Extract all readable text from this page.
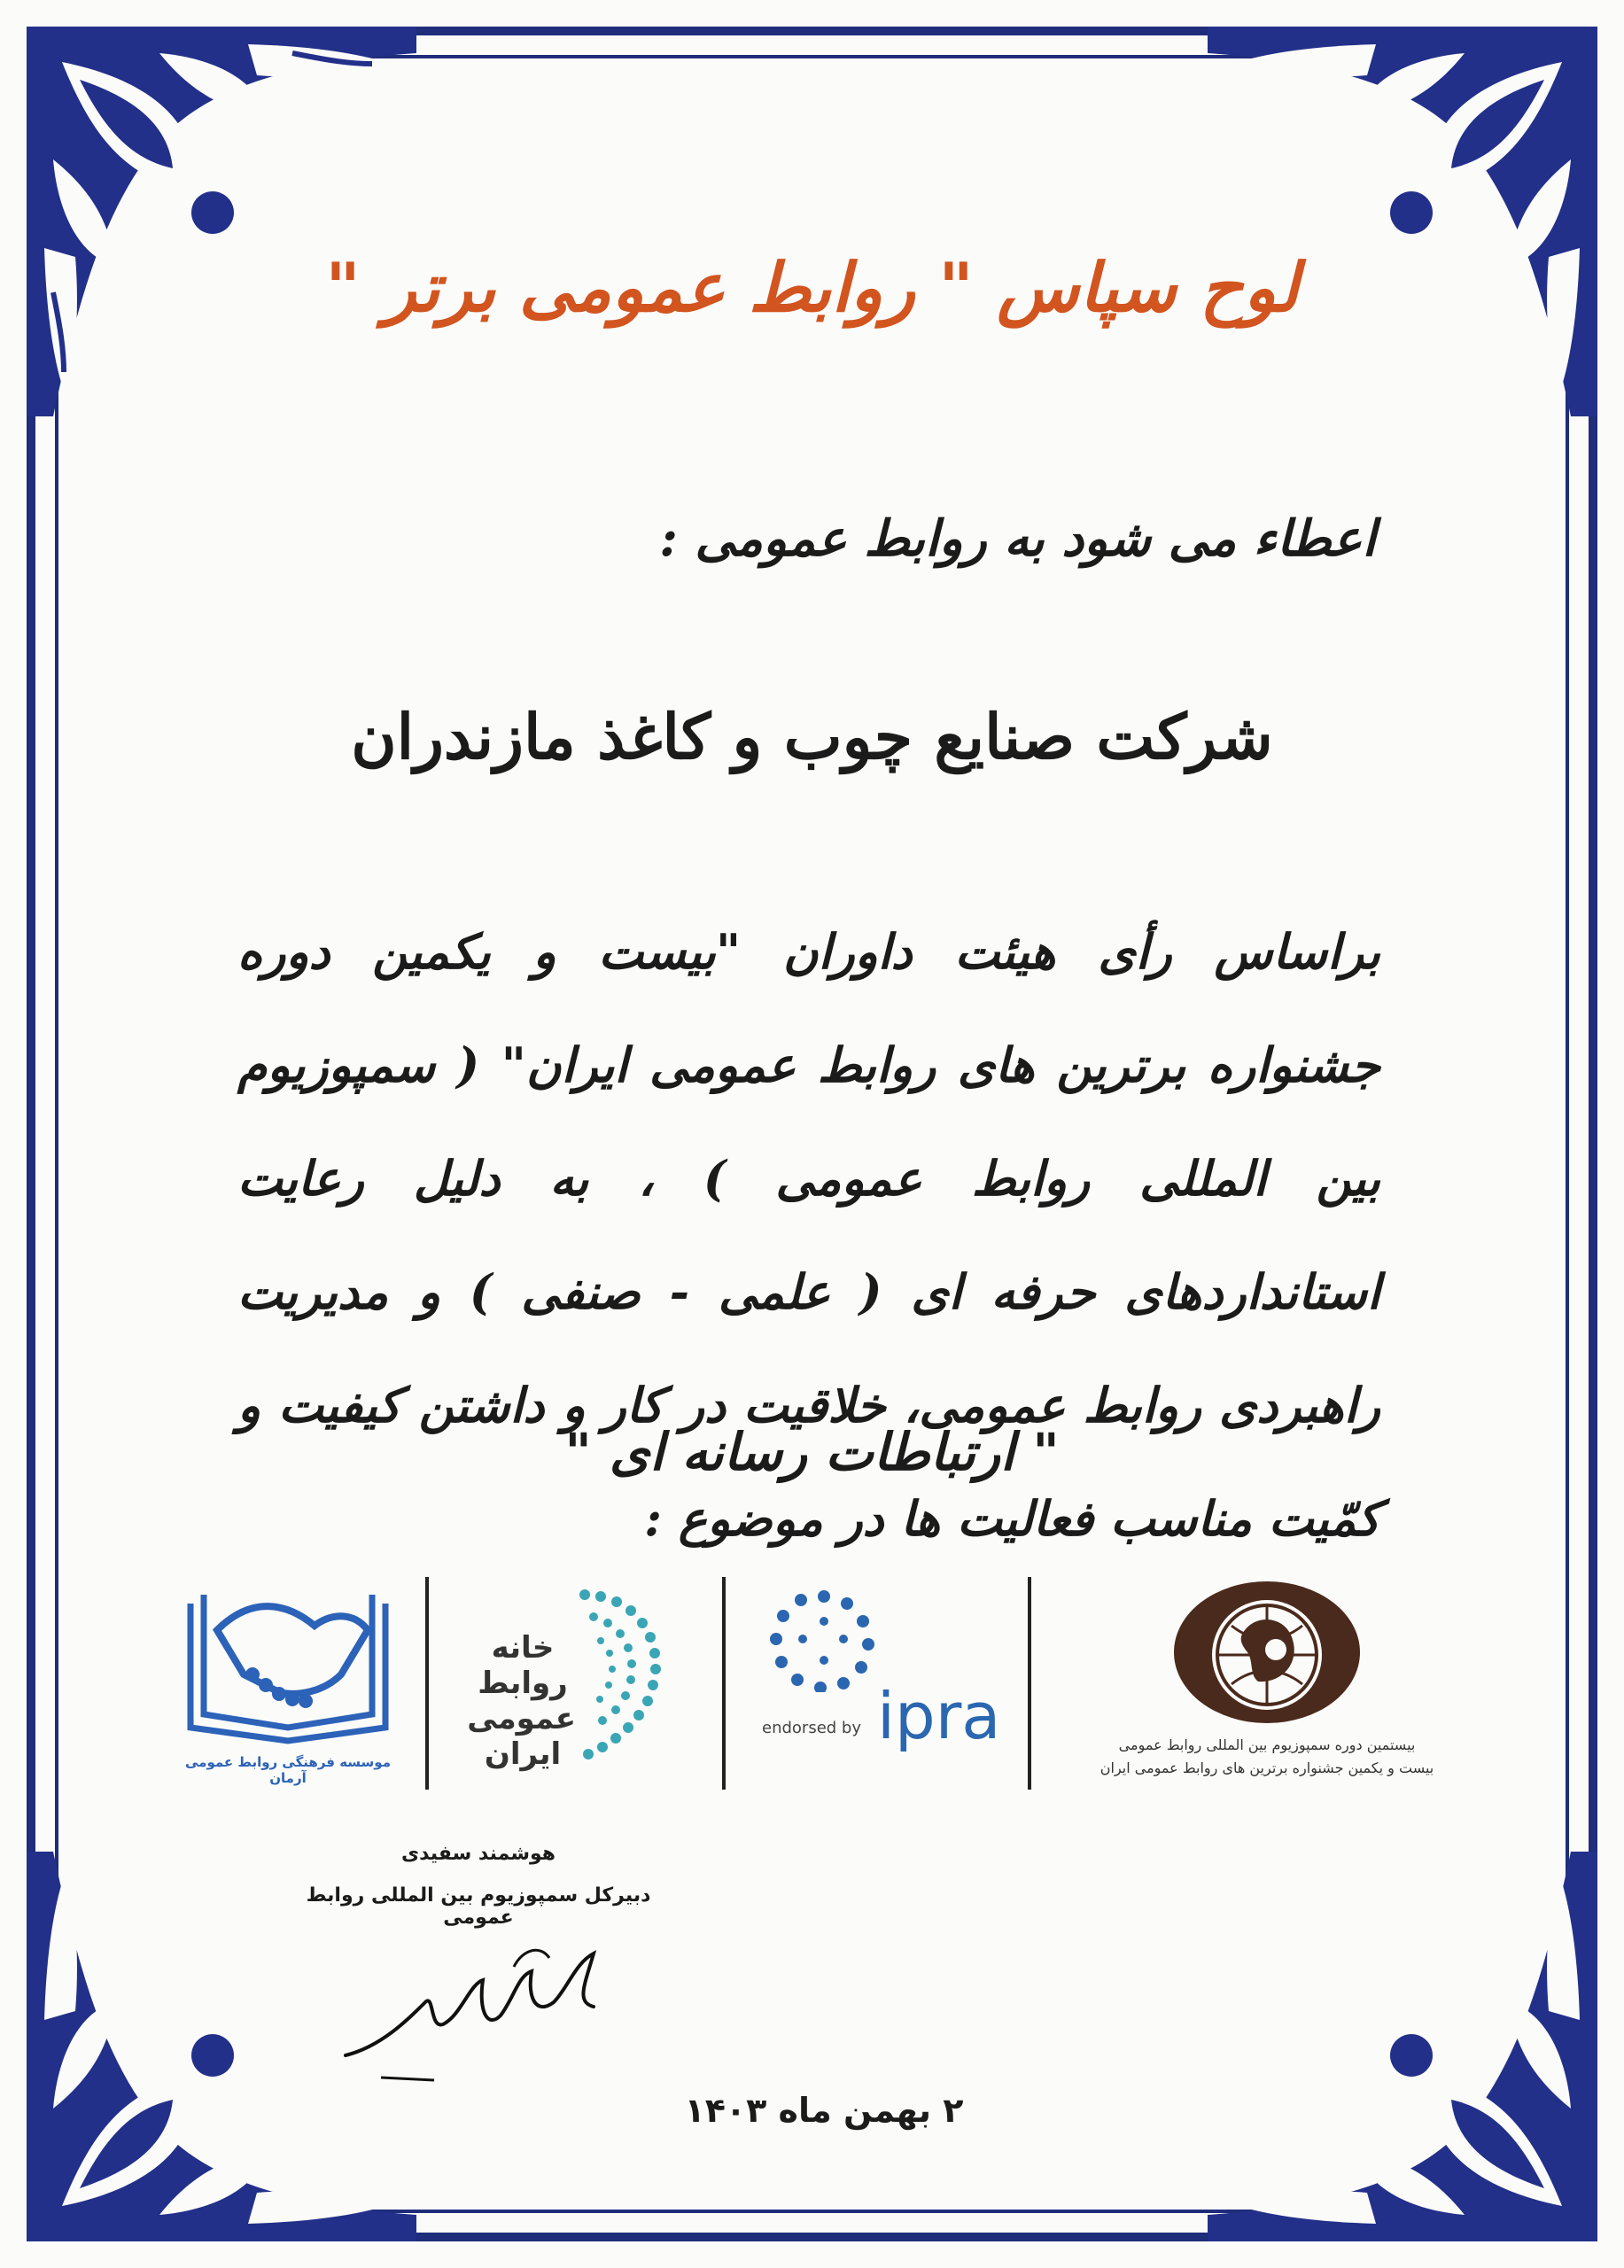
لوح سپاس " روابط عمومی برتر "
اعطاء می شود به روابط عمومی :
شرکت صنایع چوب و کاغذ مازندران
براساس رأی هیئت داوران "بیست و یکمین دوره جشنواره برترین های روابط عمومی ایران" ( سمپوزیوم بین المللی روابط عمومی ) ، به دلیل رعایت استانداردهای حرفه ای ( علمی - صنفی ) و مدیریت راهبردی روابط عمومی، خلاقیت در کار و داشتن کیفیت و کمّیت مناسب فعالیت ها در موضوع :
" ارتباطات رسانه ای "
موسسه فرهنگی روابط عمومی آرمان
خانه
روابط
عمومی
ایران
endorsed by ipra	بیستمین دوره سمپوزیوم بین المللی روابط عمومی
بیست و یکمین جشنواره برترین های روابط عمومی ایران
هوشمند سفیدی
دبیرکل سمپوزیوم بین المللی روابط عمومی
۲ بهمن ماه ۱۴۰۳
